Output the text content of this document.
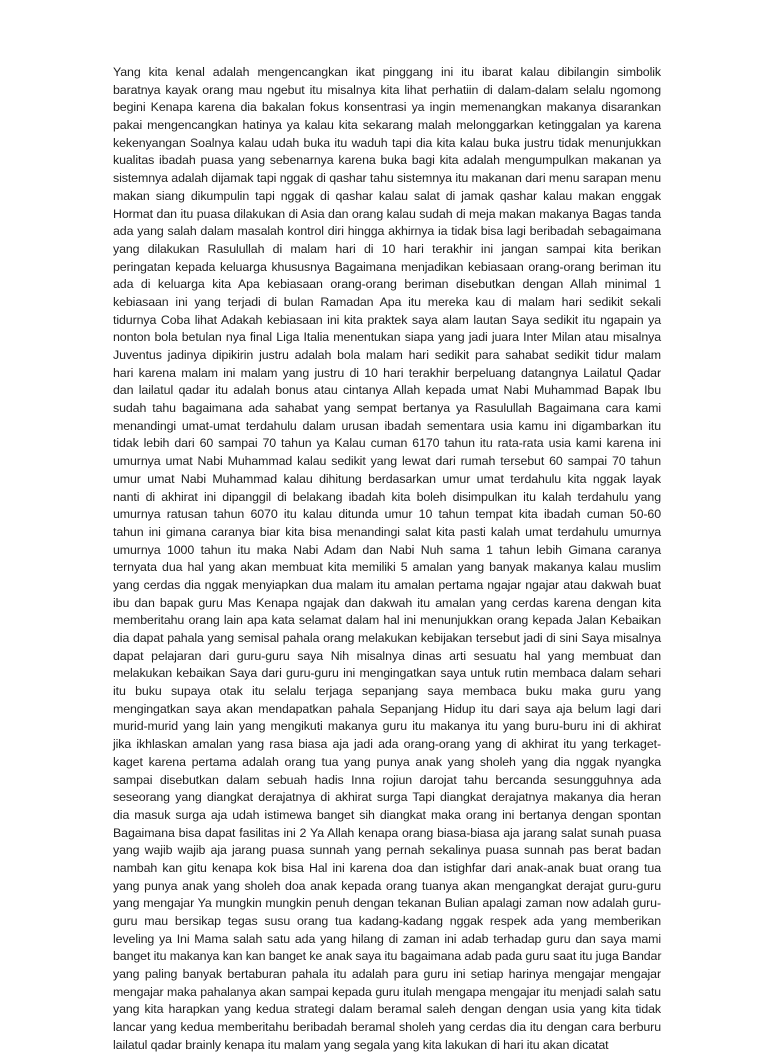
Yang kita kenal adalah mengencangkan ikat pinggang ini itu ibarat kalau dibilangin simbolik
baratnya kayak orang mau ngebut itu misalnya kita lihat perhatiin di dalam-dalam selalu ngomong
begini Kenapa karena dia bakalan fokus konsentrasi ya ingin memenangkan makanya disarankan
pakai mengencangkan hatinya ya kalau kita sekarang malah melonggarkan ketinggalan ya karena
kekenyangan Soalnya kalau udah buka itu waduh tapi dia kita kalau buka justru tidak menunjukkan
kualitas ibadah puasa yang sebenarnya karena buka bagi kita adalah mengumpulkan makanan ya
sistemnya adalah dijamak tapi nggak di qashar tahu sistemnya itu makanan dari menu sarapan menu
makan siang dikumpulin tapi nggak di qashar kalau salat di jamak qashar kalau makan enggak
Hormat dan itu puasa dilakukan di Asia dan orang kalau sudah di meja makan makanya Bagas tanda
ada yang salah dalam masalah kontrol diri hingga akhirnya ia tidak bisa lagi beribadah sebagaimana
yang dilakukan Rasulullah di malam hari di 10 hari terakhir ini jangan sampai kita berikan
peringatan kepada keluarga khususnya Bagaimana menjadikan kebiasaan orang-orang beriman itu
ada di keluarga kita Apa kebiasaan orang-orang beriman disebutkan dengan Allah minimal 1
kebiasaan ini yang terjadi di bulan Ramadan Apa itu mereka kau di malam hari sedikit sekali
tidurnya Coba lihat Adakah kebiasaan ini kita praktek saya alam lautan Saya sedikit itu ngapain ya
nonton bola betulan nya final Liga Italia menentukan siapa yang jadi juara Inter Milan atau misalnya
Juventus jadinya dipikirin justru adalah bola malam hari sedikit para sahabat sedikit tidur malam
hari karena malam ini malam yang justru di 10 hari terakhir berpeluang datangnya Lailatul Qadar
dan lailatul qadar itu adalah bonus atau cintanya Allah kepada umat Nabi Muhammad Bapak Ibu
sudah tahu bagaimana ada sahabat yang sempat bertanya ya Rasulullah Bagaimana cara kami
menandingi umat-umat terdahulu dalam urusan ibadah sementara usia kamu ini digambarkan itu
tidak lebih dari 60 sampai 70 tahun ya Kalau cuman 6170 tahun itu rata-rata usia kami karena ini
umurnya umat Nabi Muhammad kalau sedikit yang lewat dari rumah tersebut 60 sampai 70 tahun
umur umat Nabi Muhammad kalau dihitung berdasarkan umur umat terdahulu kita nggak layak
nanti di akhirat ini dipanggil di belakang ibadah kita boleh disimpulkan itu kalah terdahulu yang
umurnya ratusan tahun 6070 itu kalau ditunda umur 10 tahun tempat kita ibadah cuman 50-60
tahun ini gimana caranya biar kita bisa menandingi salat kita pasti kalah umat terdahulu umurnya
umurnya 1000 tahun itu maka Nabi Adam dan Nabi Nuh sama 1 tahun lebih Gimana caranya
ternyata dua hal yang akan membuat kita memiliki 5 amalan yang banyak makanya kalau muslim
yang cerdas dia nggak menyiapkan dua malam itu amalan pertama ngajar ngajar atau dakwah buat
ibu dan bapak guru Mas Kenapa ngajak dan dakwah itu amalan yang cerdas karena dengan kita
memberitahu orang lain apa kata selamat dalam hal ini menunjukkan orang kepada Jalan Kebaikan
dia dapat pahala yang semisal pahala orang melakukan kebijakan tersebut jadi di sini Saya misalnya
dapat pelajaran dari guru-guru saya Nih misalnya dinas arti sesuatu hal yang membuat dan
melakukan kebaikan Saya dari guru-guru ini mengingatkan saya untuk rutin membaca dalam sehari
itu buku supaya otak itu selalu terjaga sepanjang saya membaca buku maka guru yang
mengingatkan saya akan mendapatkan pahala Sepanjang Hidup itu dari saya aja belum lagi dari
murid-murid yang lain yang mengikuti makanya guru itu makanya itu yang buru-buru ini di akhirat
jika ikhlaskan amalan yang rasa biasa aja jadi ada orang-orang yang di akhirat itu yang terkaget-
kaget karena pertama adalah orang tua yang punya anak yang sholeh yang dia nggak nyangka
sampai disebutkan dalam sebuah hadis Inna rojiun darojat tahu bercanda sesungguhnya ada
seseorang yang diangkat derajatnya di akhirat surga Tapi diangkat derajatnya makanya dia heran
dia masuk surga aja udah istimewa banget sih diangkat maka orang ini bertanya dengan spontan
Bagaimana bisa dapat fasilitas ini 2 Ya Allah kenapa orang biasa-biasa aja jarang salat sunah puasa
yang wajib wajib aja jarang puasa sunnah yang pernah sekalinya puasa sunnah pas berat badan
nambah kan gitu kenapa kok bisa Hal ini karena doa dan istighfar dari anak-anak buat orang tua
yang punya anak yang sholeh doa anak kepada orang tuanya akan mengangkat derajat guru-guru
yang mengajar Ya mungkin mungkin penuh dengan tekanan Bulian apalagi zaman now adalah guru-
guru mau bersikap tegas susu orang tua kadang-kadang nggak respek ada yang memberikan
leveling ya Ini Mama salah satu ada yang hilang di zaman ini adab terhadap guru dan saya mami
banget itu makanya kan kan banget ke anak saya itu bagaimana adab pada guru saat itu juga Bandar
yang paling banyak bertaburan pahala itu adalah para guru ini setiap harinya mengajar mengajar
mengajar maka pahalanya akan sampai kepada guru itulah mengapa mengajar itu menjadi salah satu
yang kita harapkan yang kedua strategi dalam beramal saleh dengan dengan usia yang kita tidak
lancar yang kedua memberitahu beribadah beramal sholeh yang cerdas dia itu dengan cara berburu
lailatul qadar brainly kenapa itu malam yang segala yang kita lakukan di hari itu akan dicatat
